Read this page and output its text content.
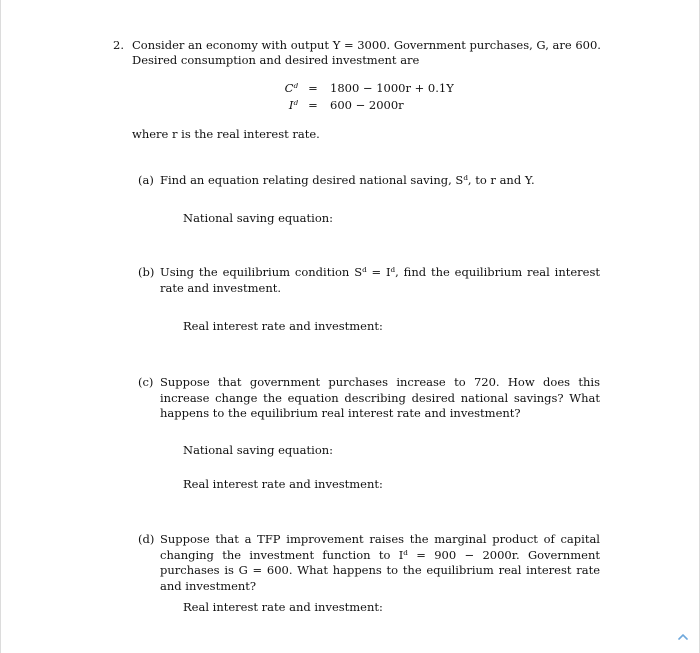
2. Consider an economy with output Y = 3000. Government purchases, G, are 600.
Desired consumption and desired investment are
Cᵈ = 1800 − 1000r + 0.1Y
Iᵈ = 600 − 2000r
where r is the real interest rate.
(a) Find an equation relating desired national saving, Sᵈ, to r and Y.
National saving equation:
(b) Using the equilibrium condition Sᵈ = Iᵈ, find the equilibrium real interest rate and investment.
Real interest rate and investment:
(c) Suppose that government purchases increase to 720. How does this increase change the equation describing desired national savings? What happens to the equilibrium real interest rate and investment?
National saving equation:
Real interest rate and investment:
(d) Suppose that a TFP improvement raises the marginal product of capital changing the investment function to Iᵈ = 900 − 2000r. Government purchases is G = 600. What happens to the equilibrium real interest rate and investment?
Real interest rate and investment:
